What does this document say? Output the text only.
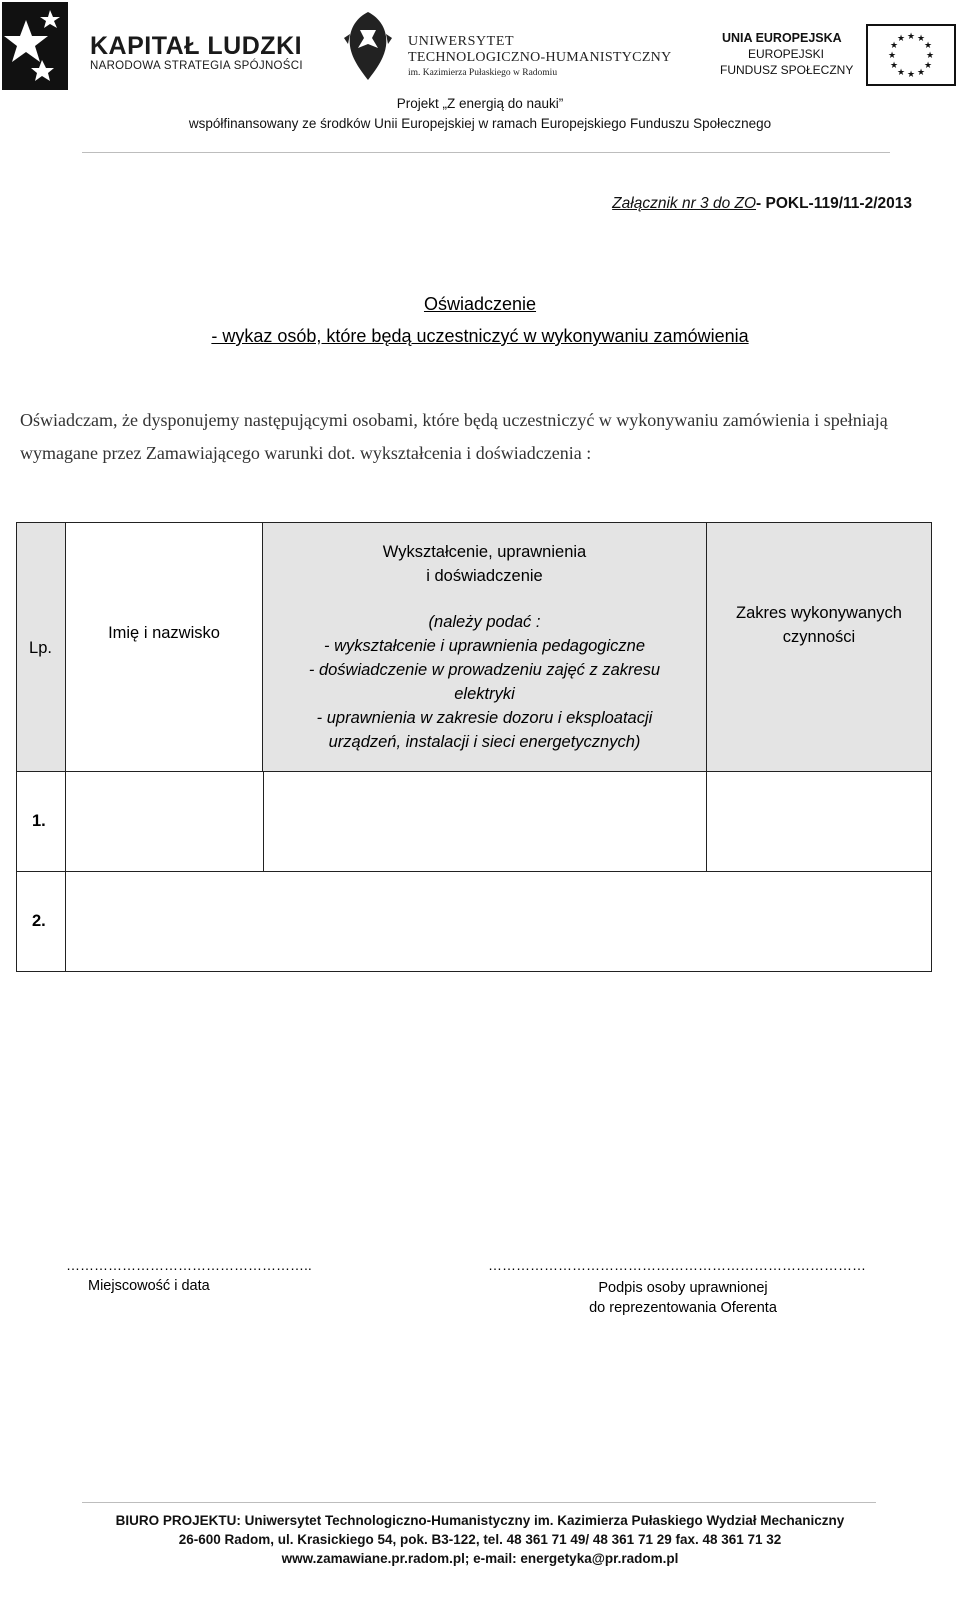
KAPITAŁ LUDZKI
NARODOWA STRATEGIA SPÓJNOŚCI
UNIWERSYTET
TECHNOLOGICZNO-HUMANISTYCZNY
im. Kazimierza Pułaskiego w Radomiu
UNIA EUROPEJSKA
EUROPEJSKI
FUNDUSZ SPOŁECZNY
★ ★
★
★
★
★
★
★
★
★
★
★
Projekt „Z energią do nauki”
współfinansowany ze środków Unii Europejskiej w ramach Europejskiego Funduszu Społecznego
Załącznik nr 3 do ZO- POKL-119/11-2/2013
Oświadczenie
- wykaz osób, które będą uczestniczyć w wykonywaniu zamówienia
Oświadczam, że dysponujemy następującymi osobami, które będą uczestniczyć w wykonywaniu zamówienia i spełniają wymagane przez Zamawiającego warunki dot. wykształcenia i doświadczenia :
Lp.
Imię i nazwisko
Wykształcenie, uprawnienia
i doświadczenie
(należy podać :
- wykształcenie i uprawnienia pedagogiczne
- doświadczenie w prowadzeniu zajęć z zakresu
elektryki
- uprawnienia w zakresie dozoru i eksploatacji
urządzeń, instalacji i sieci energetycznych)
Zakres wykonywanych
czynności
1.
2.
……………………………………………..	………………………………………………………………………
Miejscowość i data	Podpis osoby uprawnionej
do reprezentowania Oferenta
BIURO PROJEKTU: Uniwersytet Technologiczno-Humanistyczny im. Kazimierza Pułaskiego Wydział Mechaniczny
26-600 Radom, ul. Krasickiego 54, pok. B3-122, tel. 48 361 71 49/ 48 361 71 29 fax. 48 361 71 32
www.zamawiane.pr.radom.pl; e-mail: energetyka@pr.radom.pl
